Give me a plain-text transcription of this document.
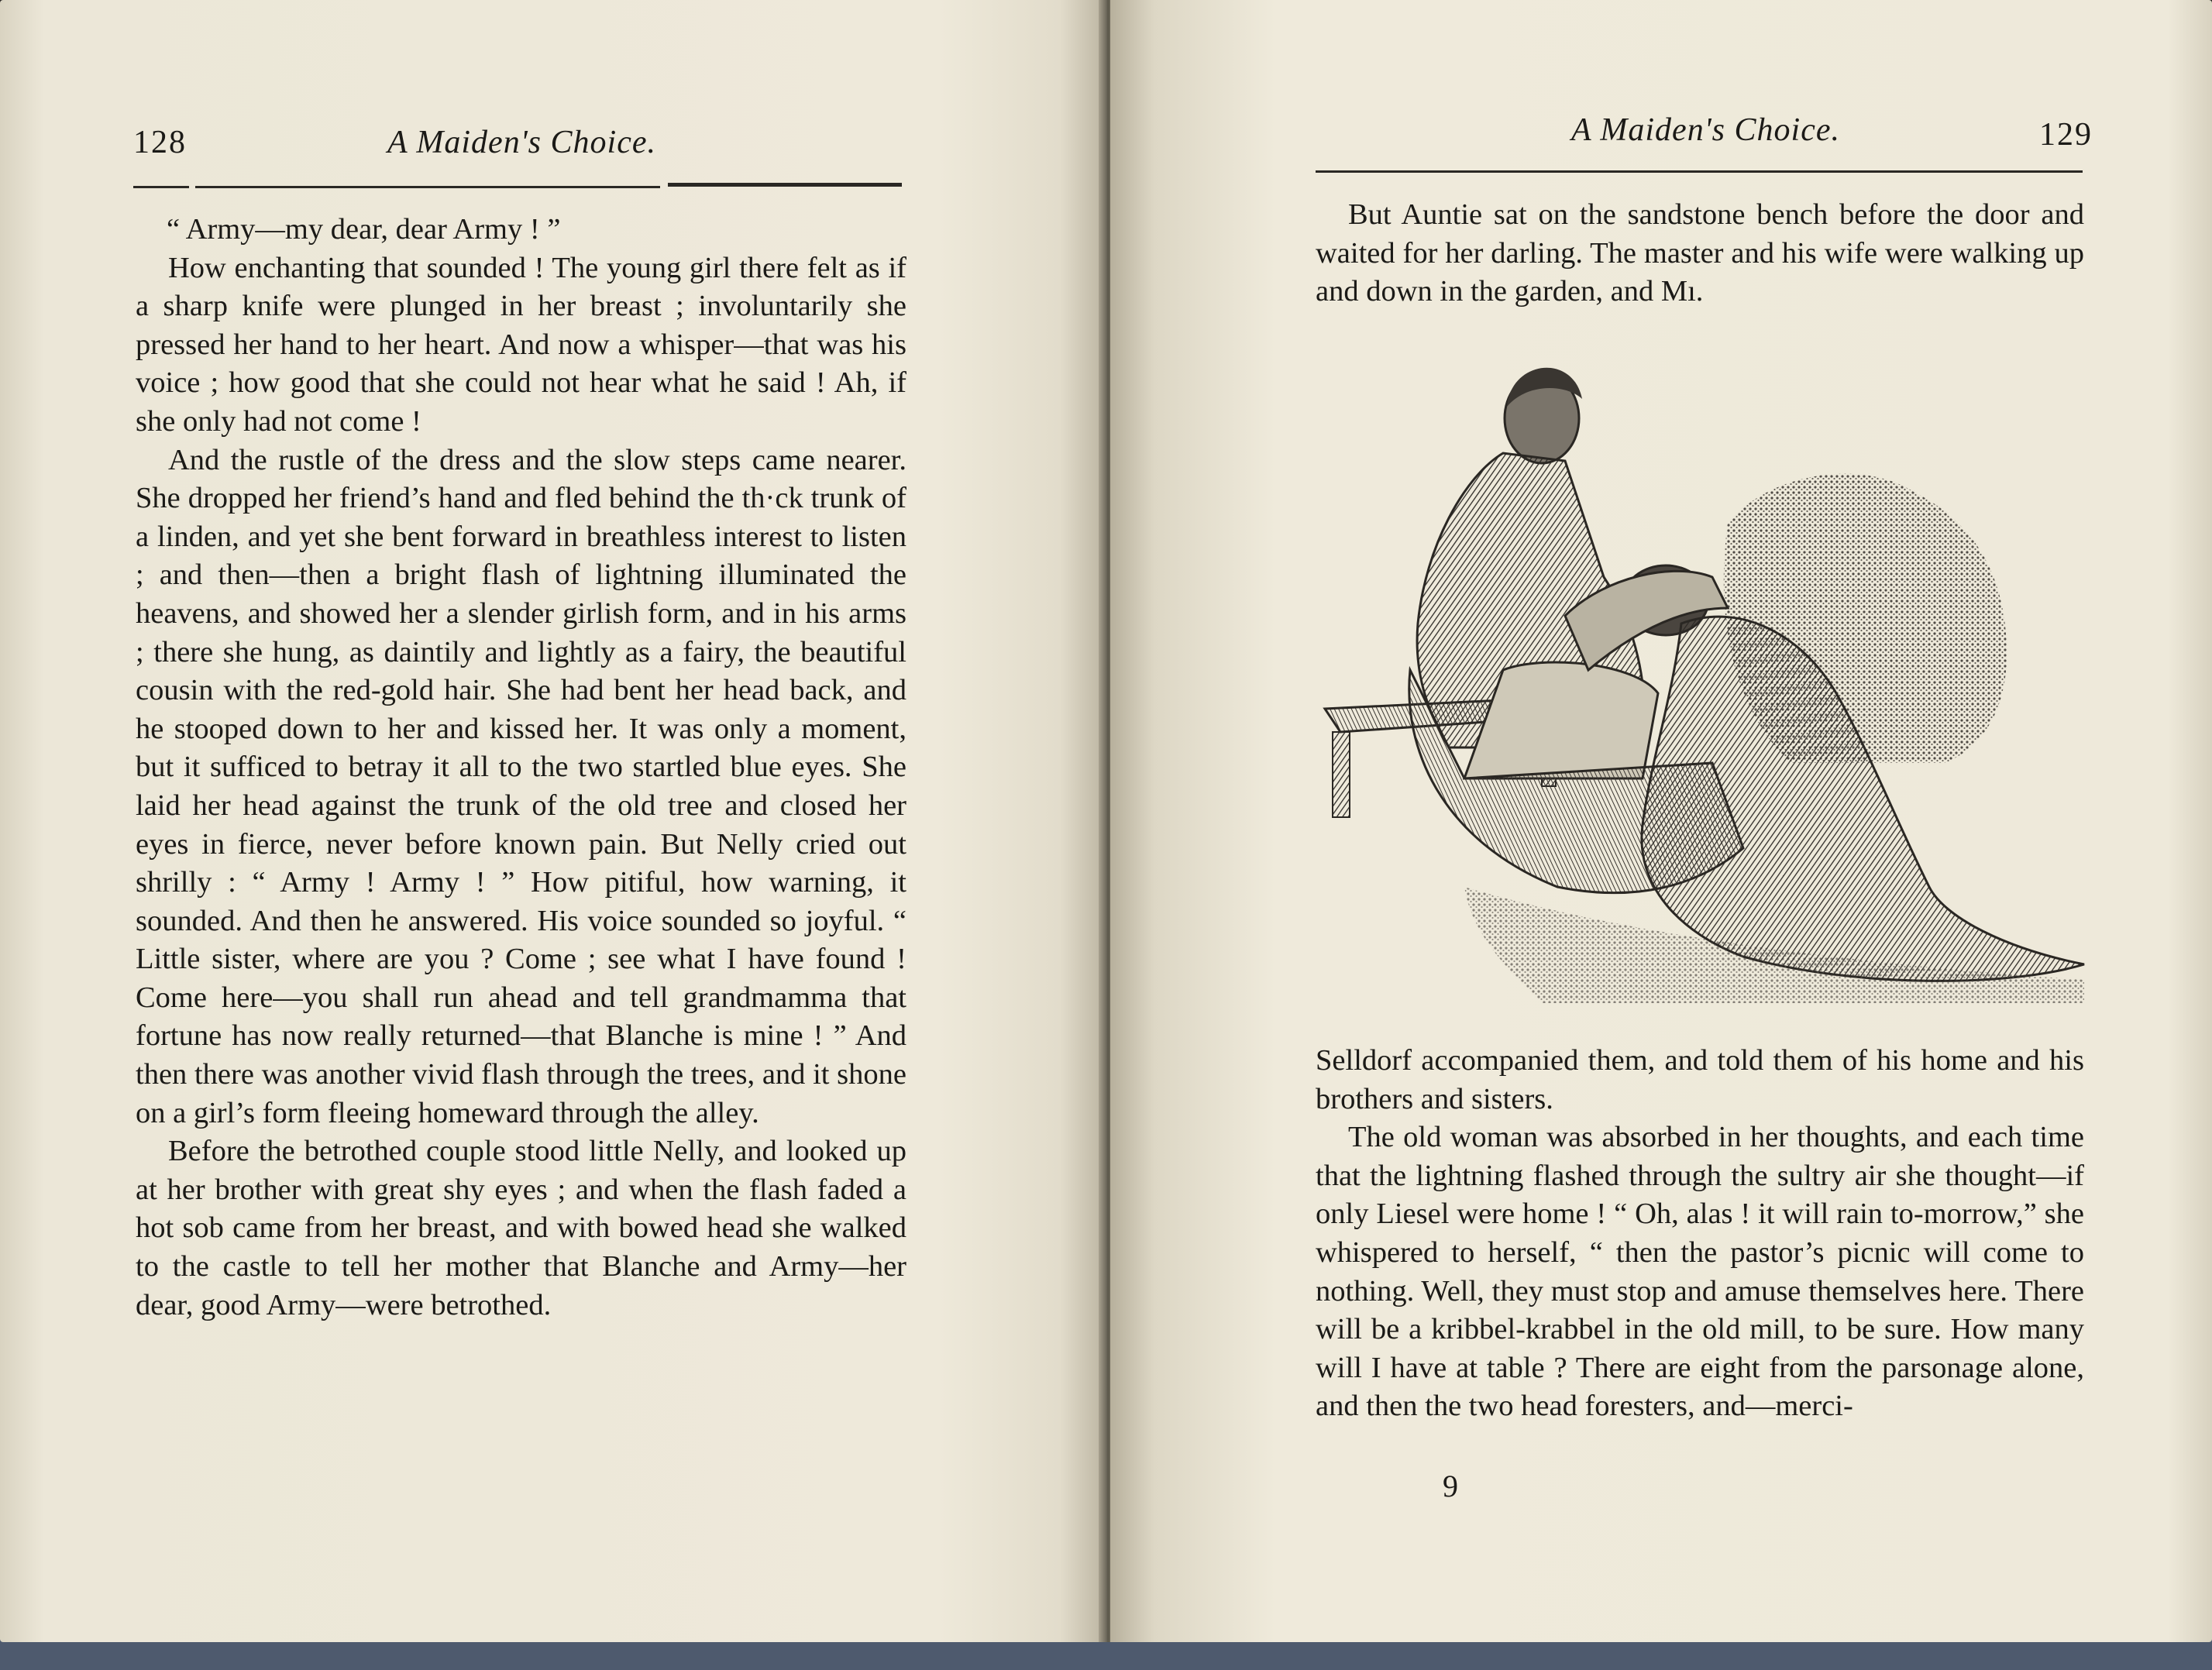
128	A Maiden's Choice.

“ Army—my dear, dear Army ! ”

How enchanting that sounded ! The young girl there felt as if a sharp knife were plunged in her breast ; involuntarily she pressed her hand to her heart. And now a whisper—that was his voice ; how good that she could not hear what he said ! Ah, if she only had not come !

And the rustle of the dress and the slow steps came nearer. She dropped her friend’s hand and fled behind the th·ck trunk of a linden, and yet she bent forward in breathless interest to listen ; and then—then a bright flash of lightning illuminated the heavens, and showed her a slender girlish form, and in his arms ; there she hung, as daintily and lightly as a fairy, the beautiful cousin with the red-gold hair. She had bent her head back, and he stooped down to her and kissed her. It was only a moment, but it sufficed to betray it all to the two startled blue eyes. She laid her head against the trunk of the old tree and closed her eyes in fierce, never before known pain. But Nelly cried out shrilly : “ Army ! Army ! ” How pitiful, how warning, it sounded. And then he answered. His voice sounded so joyful. “ Little sister, where are you ? Come ; see what I have found ! Come here—you shall run ahead and tell grandmamma that fortune has now really returned—that Blanche is mine ! ” And then there was another vivid flash through the trees, and it shone on a girl’s form fleeing homeward through the alley.

Before the betrothed couple stood little Nelly, and looked up at her brother with great shy eyes ; and when the flash faded a hot sob came from her breast, and with bowed head she walked to the castle to tell her mother that Blanche and Army—her dear, good Army—were betrothed.

A Maiden's Choice.	129

But Auntie sat on the sandstone bench before the door and waited for her darling. The master and his wife were walking up and down in the garden, and Mı.

Selldorf accompanied them, and told them of his home and his brothers and sisters.

The old woman was absorbed in her thoughts, and each time that the lightning flashed through the sultry air she thought—if only Liesel were home ! “ Oh, alas ! it will rain to-morrow,” she whispered to herself, “ then the pastor’s picnic will come to nothing. Well, they must stop and amuse themselves here. There will be a kribbel-krabbel in the old mill, to be sure. How many will I have at table ? There are eight from the parsonage alone, and then the two head foresters, and—merci-

9
